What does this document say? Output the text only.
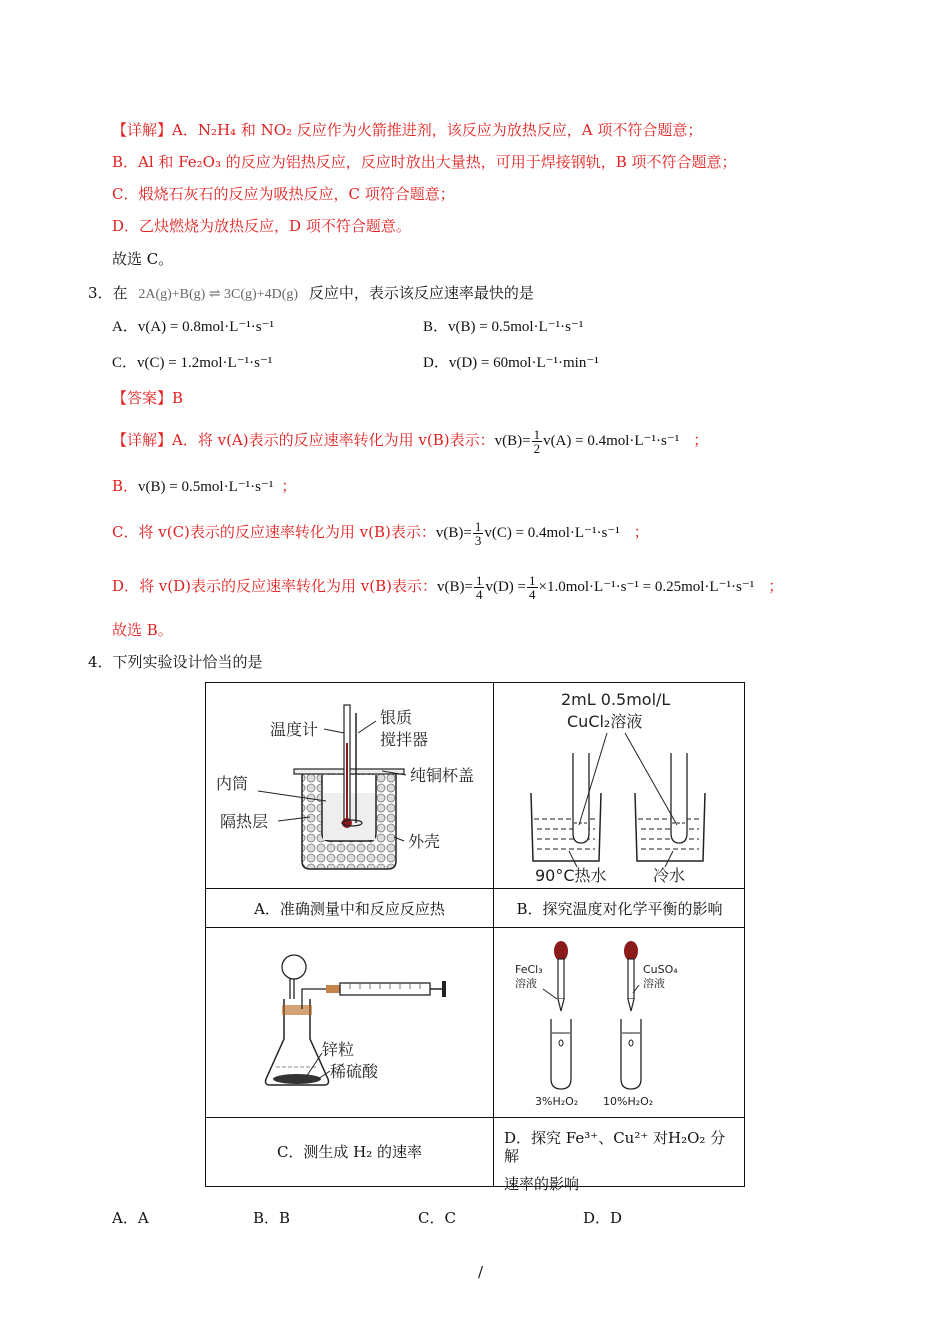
【详解】A．N₂H₄ 和 NO₂ 反应作为火箭推进剂，该反应为放热反应，A 项不符合题意；
B．Al 和 Fe₂O₃ 的反应为铝热反应，反应时放出大量热，可用于焊接钢轨，B 项不符合题意；
C．煅烧石灰石的反应为吸热反应，C 项符合题意；
D．乙炔燃烧为放热反应，D 项不符合题意。
故选 C。
3．在 2A(g)+B(g) ⇌ 3C(g)+4D(g) 反应中，表示该反应速率最快的是
A．v(A) = 0.8mol·L⁻¹·s⁻¹	B．v(B) = 0.5mol·L⁻¹·s⁻¹
C．v(C) = 1.2mol·L⁻¹·s⁻¹	D．v(D) = 60mol·L⁻¹·min⁻¹
【答案】B
【详解】A．将 v(A)表示的反应速率转化为用 v(B)表示：$v(B)= \frac{1}{2} v(A) = 0.4mol\cdot L^{-1}\cdot s^{-1}$ ；
B．v(B) = 0.5mol·L⁻¹·s⁻¹ ；
C．将 v(C)表示的反应速率转化为用 v(B)表示：$v(B)= \frac{1}{3} v(C) = 0.4mol\cdot L^{-1}\cdot s^{-1}$ ；
D．将 v(D)表示的反应速率转化为用 v(B)表示：$v(B)= \frac{1}{4} v(D) = \frac{1}{4} \times 1.0mol\cdot L^{-1}\cdot s^{-1} = 0.25mol\cdot L^{-1}\cdot s^{-1}$ ；
故选 B。
4．下列实验设计恰当的是
温度计
银质
搅拌器
纯铜杯盖
内筒
隔热层
外壳
A．准确测量中和反应反应热
2mL 0.5mol/L
CuCl₂溶液
90°C热水	冷水
B．探究温度对化学平衡的影响
锌粒
稀硫酸
C．测生成 H₂ 的速率
FeCl₃
溶液
CuSO₄
溶液
3%H₂O₂ 10%H₂O₂
D．探究 Fe³⁺、Cu²⁺ 对H₂O₂ 分
解
速率的影响
A．A	B．B	C．C	D．D
/
